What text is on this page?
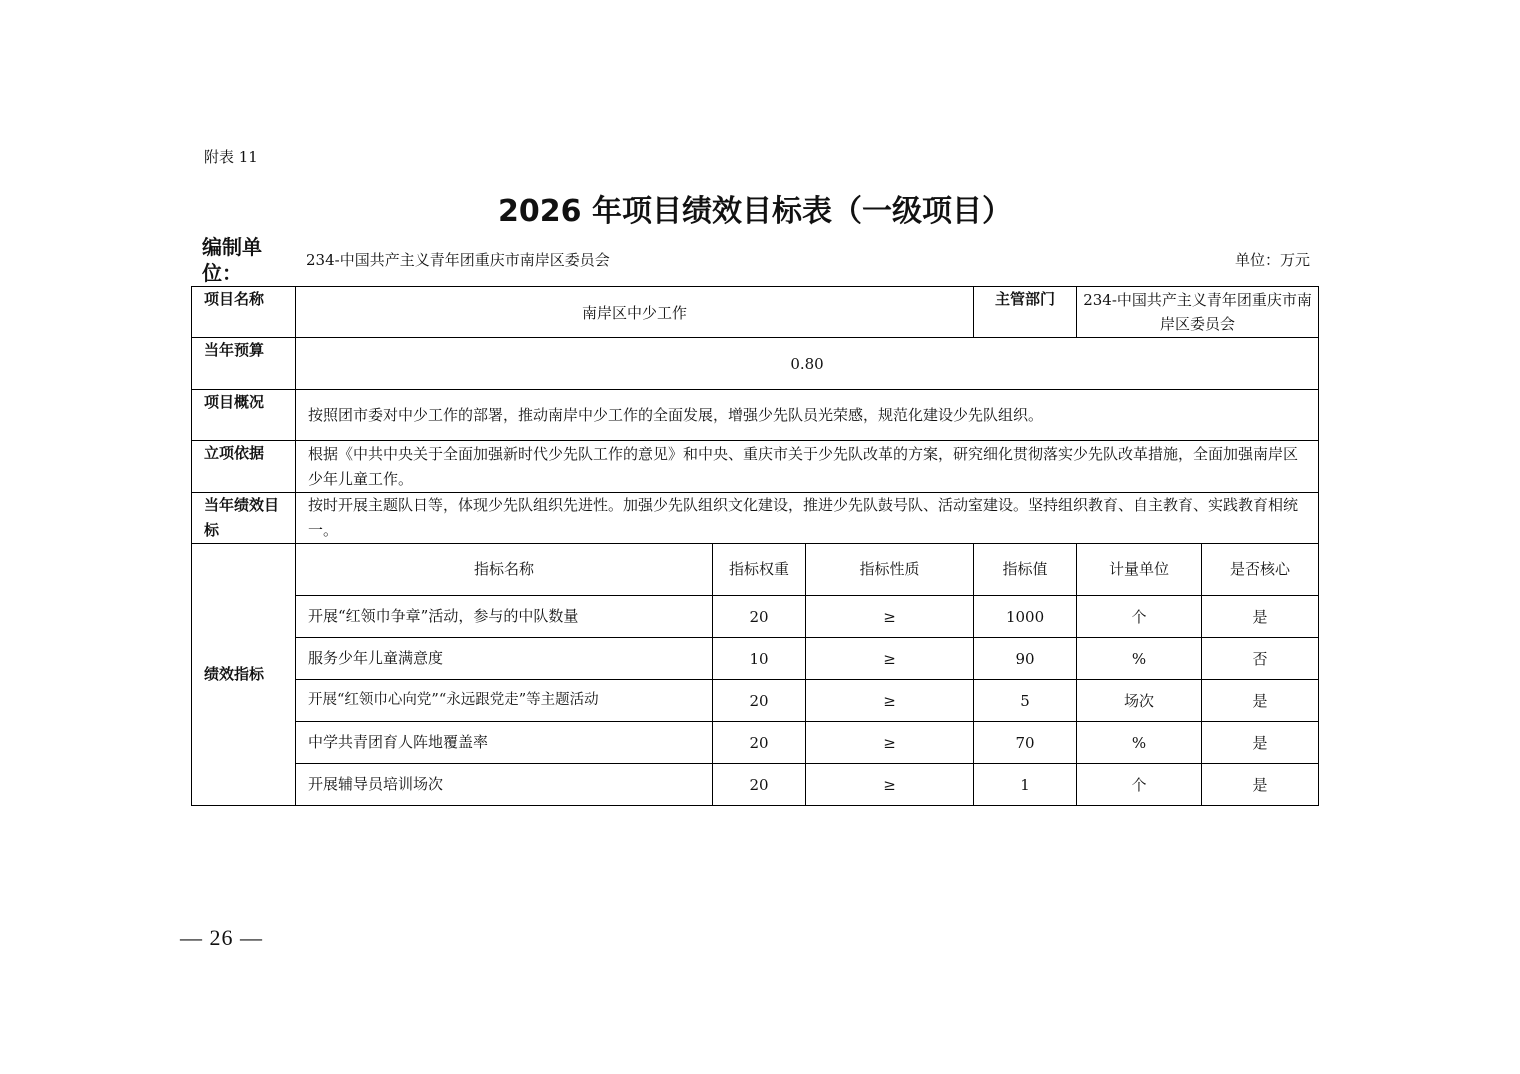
附表 11
2026 年项目绩效目标表（一级项目）
编制单位：
234-中国共产主义青年团重庆市南岸区委员会	单位：万元
项目名称	南岸区中少工作			主管部门	234-中国共产主义青年团重庆市南岸区委员会	
当年预算	0.80					
项目概况	按照团市委对中少工作的部署，推动南岸中少工作的全面发展，增强少先队员光荣感，规范化建设少先队组织。					
立项依据	根据《中共中央关于全面加强新时代少先队工作的意见》和中央、重庆市关于少先队改革的方案，研究细化贯彻落实少先队改革措施，全面加强南岸区少年儿童工作。					
当年绩效目标	按时开展主题队日等，体现少先队组织先进性。加强少先队组织文化建设，推进少先队鼓号队、活动室建设。坚持组织教育、自主教育、实践教育相统一。					
绩效指标	指标名称	指标权重	指标性质	指标值	计量单位	是否核心
	开展“红领巾争章”活动，参与的中队数量	20	≥	1000	个	是
	服务少年儿童满意度	10	≥	90	%	否
	开展“红领巾心向党”“永远跟党走”等主题活动	20	≥	5	场次	是
	中学共青团育人阵地覆盖率	20	≥	70	%	是
	开展辅导员培训场次	20	≥	1	个	是
— 26 —
